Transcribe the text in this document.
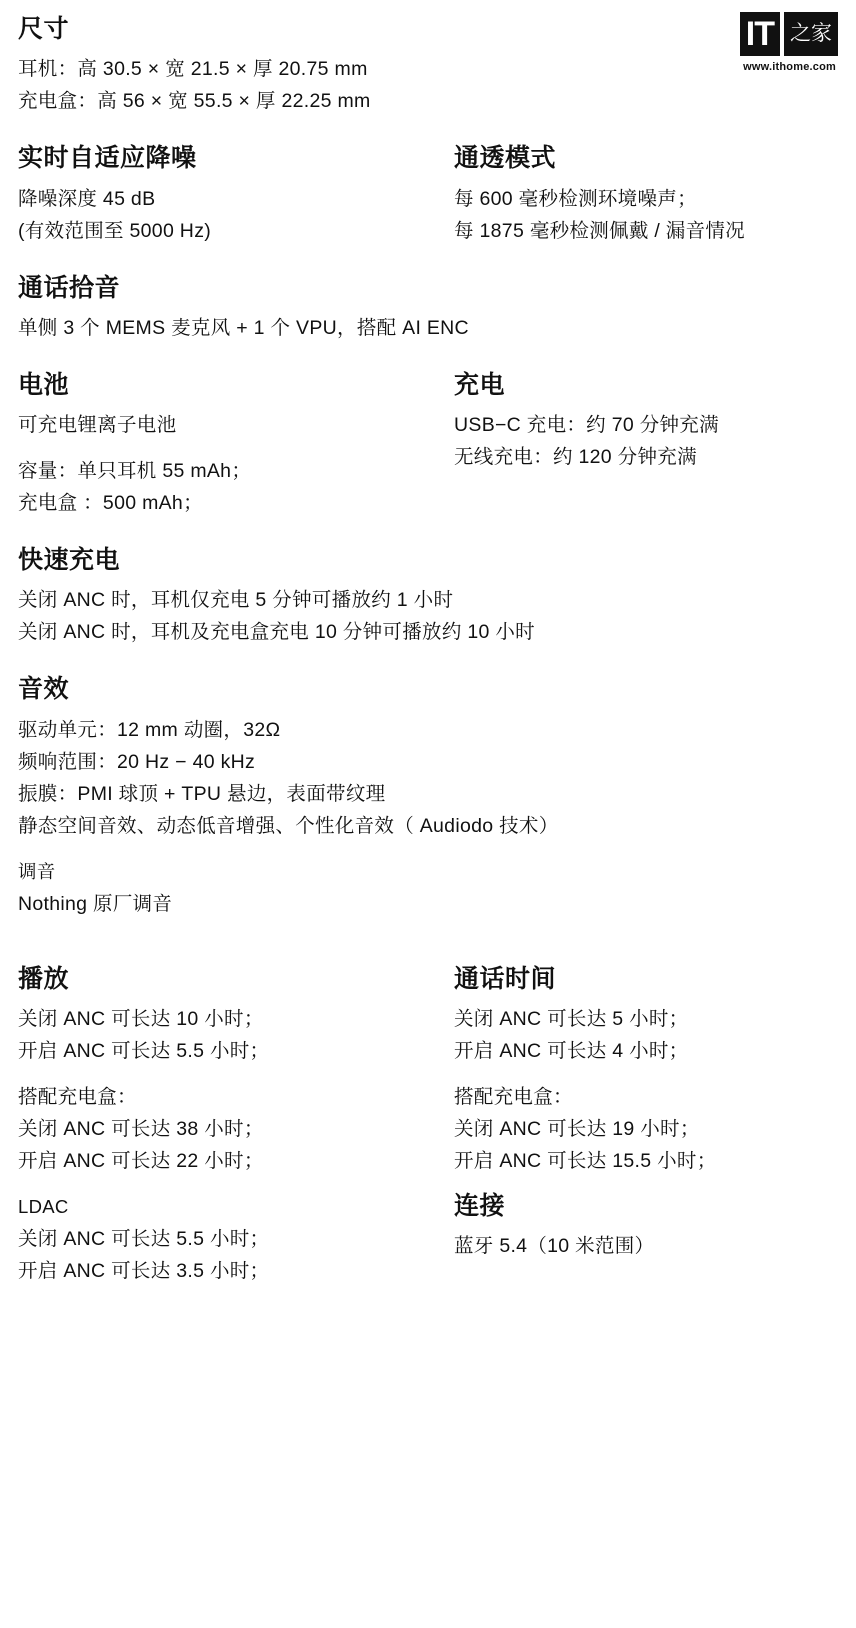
IT 之家
www.ithome.com
尺寸
耳机：高 30.5 × 宽 21.5 × 厚 20.75 mm
充电盒：高 56 × 宽 55.5 × 厚 22.25 mm
实时自适应降噪
降噪深度 45 dB
(有效范围至 5000 Hz)
通透模式
每 600 毫秒检测环境噪声；
每 1875 毫秒检测佩戴 / 漏音情况
通话拾音
单侧 3 个 MEMS 麦克风 + 1 个 VPU，搭配 AI ENC
电池
可充电锂离子电池
容量：单只耳机 55 mAh；
充电盒 ：500 mAh；
充电
USB−C 充电：约 70 分钟充满
无线充电：约 120 分钟充满
快速充电
关闭 ANC 时，耳机仅充电 5 分钟可播放约 1 小时
关闭 ANC 时，耳机及充电盒充电 10 分钟可播放约 10 小时
音效
驱动单元：12 mm 动圈，32Ω
频响范围：20 Hz − 40 kHz
振膜：PMI 球顶 + TPU 悬边，表面带纹理
静态空间音效、动态低音增强、个性化音效（ Audiodo 技术）
调音
Nothing 原厂调音
播放
关闭 ANC 可长达 10 小时；
开启 ANC 可长达 5.5 小时；
搭配充电盒：
关闭 ANC 可长达 38 小时；
开启 ANC 可长达 22 小时；
LDAC
关闭 ANC 可长达 5.5 小时；
开启 ANC 可长达 3.5 小时；
通话时间
关闭 ANC 可长达 5 小时；
开启 ANC 可长达 4 小时；
搭配充电盒：
关闭 ANC 可长达 19 小时；
开启 ANC 可长达 15.5 小时；
连接
蓝牙 5.4（10 米范围）
